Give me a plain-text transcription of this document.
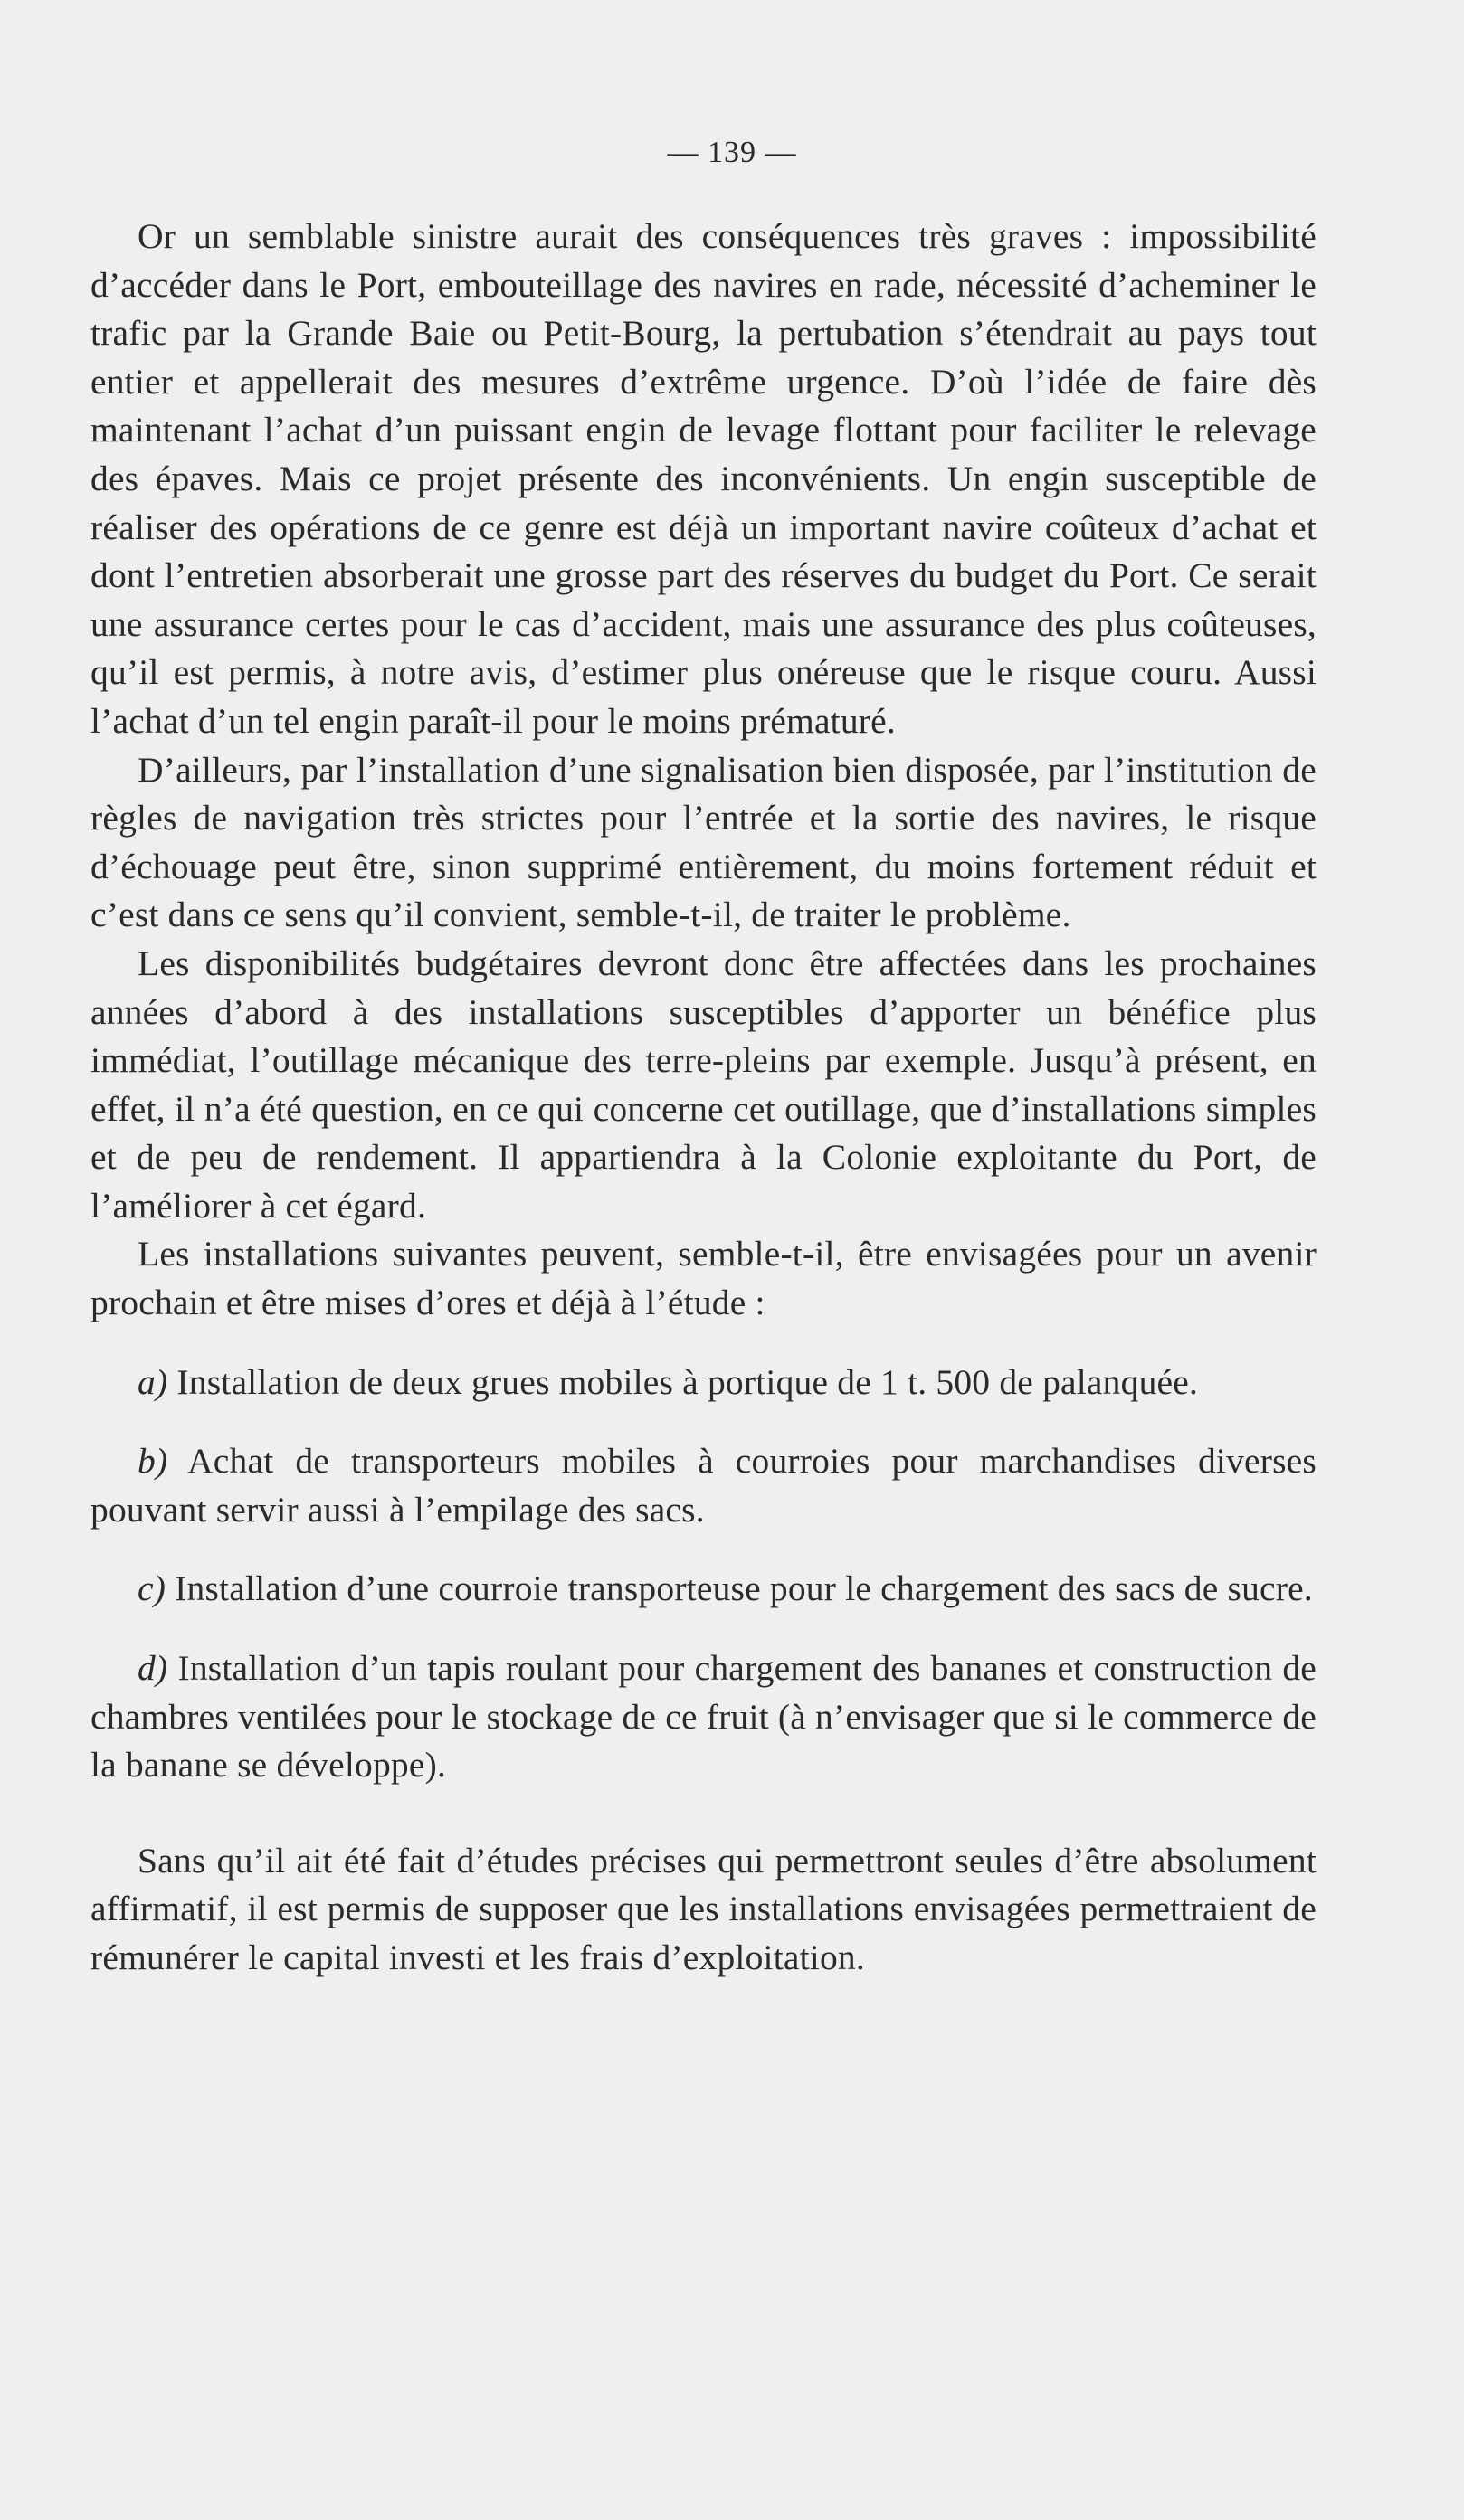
— 139 —

Or un semblable sinistre aurait des conséquences très graves : impossibilité d’accéder dans le Port, embouteillage des navires en rade, nécessité d’acheminer le trafic par la Grande Baie ou Petit-Bourg, la pertubation s’étendrait au pays tout entier et appellerait des mesures d’extrême urgence. D’où l’idée de faire dès maintenant l’achat d’un puissant engin de levage flottant pour faciliter le relevage des épaves. Mais ce projet présente des inconvénients. Un engin susceptible de réaliser des opérations de ce genre est déjà un important navire coûteux d’achat et dont l’entretien absorberait une grosse part des réserves du budget du Port. Ce serait une assurance certes pour le cas d’accident, mais une assurance des plus coûteuses, qu’il est permis, à notre avis, d’estimer plus onéreuse que le risque couru. Aussi l’achat d’un tel engin paraît-il pour le moins prématuré.

D’ailleurs, par l’installation d’une signalisation bien disposée, par l’institution de règles de navigation très strictes pour l’entrée et la sortie des navires, le risque d’échouage peut être, sinon supprimé entièrement, du moins fortement réduit et c’est dans ce sens qu’il convient, semble-t-il, de traiter le problème.

Les disponibilités budgétaires devront donc être affectées dans les prochaines années d’abord à des installations susceptibles d’apporter un bénéfice plus immédiat, l’outillage mécanique des terre-pleins par exemple. Jusqu’à présent, en effet, il n’a été question, en ce qui concerne cet outillage, que d’installations simples et de peu de rendement. Il appartiendra à la Colonie exploitante du Port, de l’améliorer à cet égard.

Les installations suivantes peuvent, semble-t-il, être envisagées pour un avenir prochain et être mises d’ores et déjà à l’étude :

a) Installation de deux grues mobiles à portique de 1 t. 500 de palanquée.

b) Achat de transporteurs mobiles à courroies pour marchandises diverses pouvant servir aussi à l’empilage des sacs.

c) Installation d’une courroie transporteuse pour le chargement des sacs de sucre.

d) Installation d’un tapis roulant pour chargement des bananes et construction de chambres ventilées pour le stockage de ce fruit (à n’envisager que si le commerce de la banane se développe).

Sans qu’il ait été fait d’études précises qui permettront seules d’être absolument affirmatif, il est permis de supposer que les installations envisagées permettraient de rémunérer le capital investi et les frais d’exploitation.
